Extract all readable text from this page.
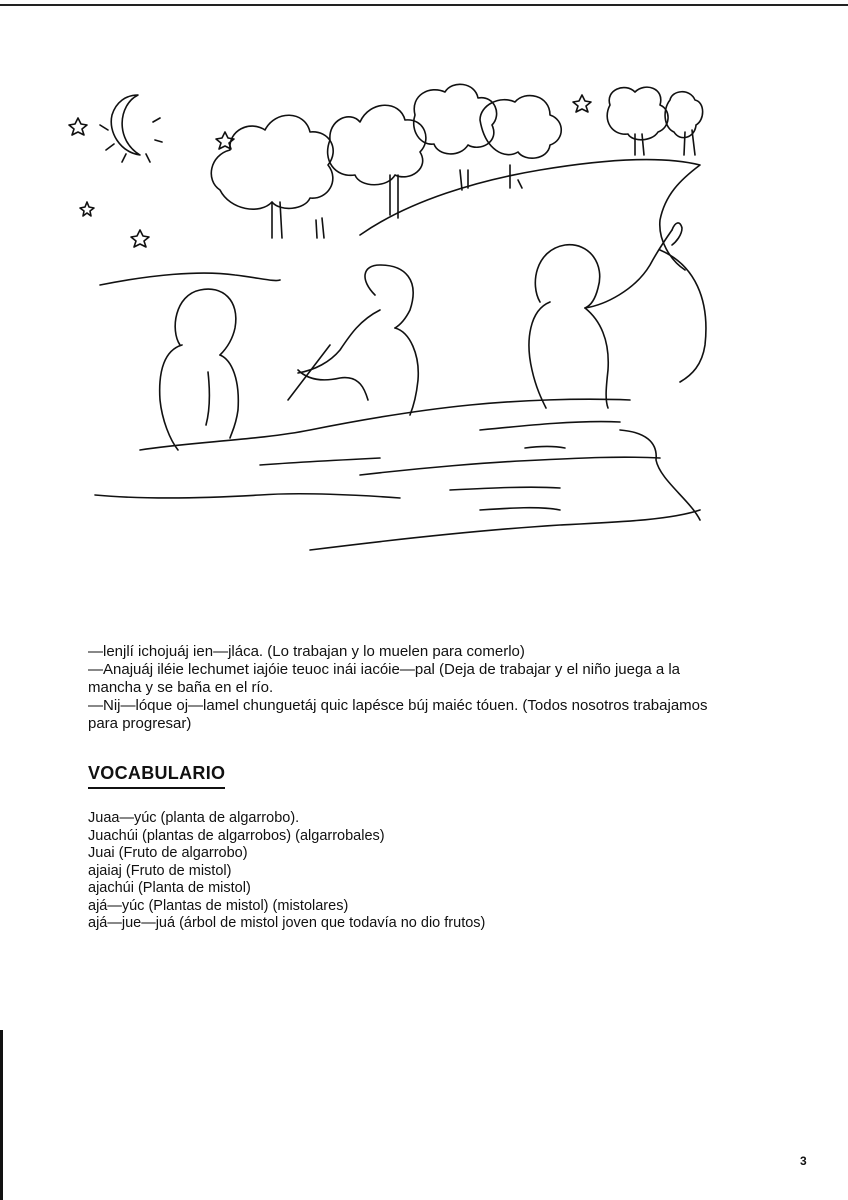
—lenjlí ichojuáj ien—jláca. (Lo trabajan y lo muelen para comerlo)

—Anajuáj iléie lechumet iajóie teuoc inái iacóie—pal (Deja de trabajar y el niño juega a la mancha y se baña en el río.

—Nij—lóque oj—lamel chunguetáj quic lapésce búj maiéc tóuen. (Todos nosotros trabajamos para progresar)

VOCABULARIO
Juaa—yúc (planta de algarrobo).
Juachúi (plantas de algarrobos) (algarrobales)
Juai (Fruto de algarrobo)
ajaiaj (Fruto de mistol)
ajachúi (Planta de mistol)
ajá—yúc (Plantas de mistol) (mistolares)
ajá—jue—juá (árbol de mistol joven que todavía no dio frutos)
3
